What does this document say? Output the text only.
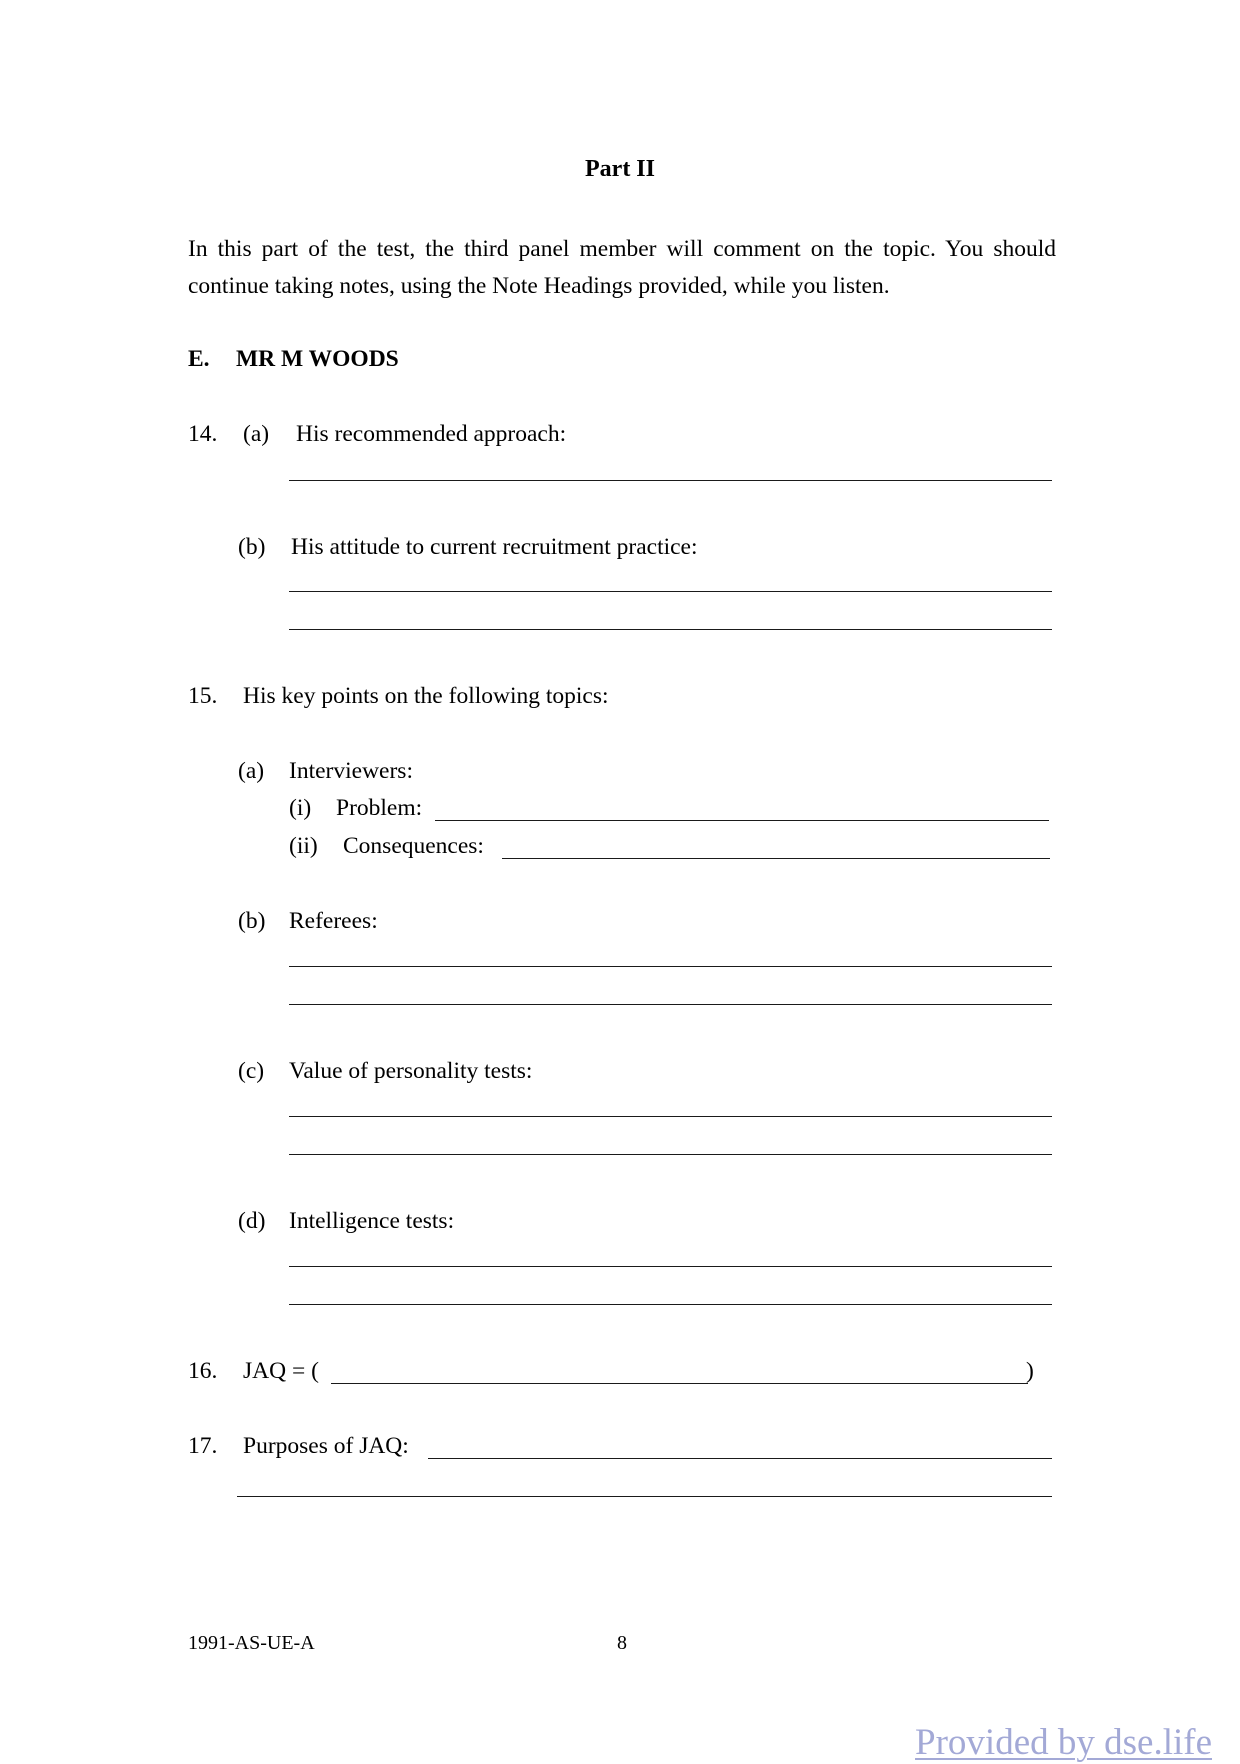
Part II
In this part of the test, the third panel member will comment on the topic. You should continue taking notes, using the Note Headings provided, while you listen.
E. MR M WOODS
14. (a) His recommended approach:
(b) His attitude to current recruitment practice:
15. His key points on the following topics:
(a) Interviewers:
(i) Problem:
(ii) Consequences:
(b) Referees:
(c) Value of personality tests:
(d) Intelligence tests:
16. JAQ = (	)
17. Purposes of JAQ:
1991-AS-UE-A	8
Provided by dse.life
